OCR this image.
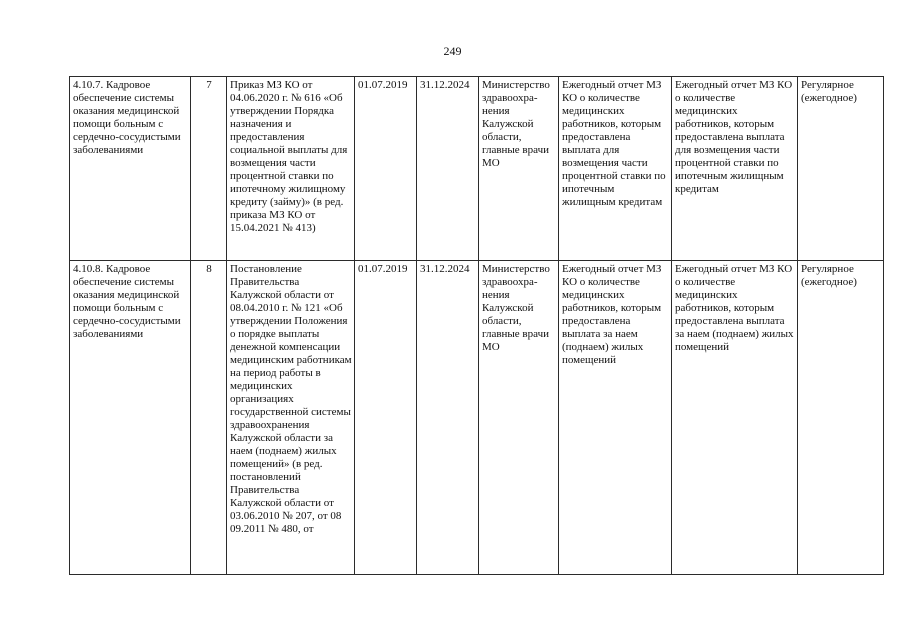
249
4.10.7. Кадровое обеспечение системы оказания медицинской помощи больным с сердечно-сосудистыми заболеваниями	7	Приказ МЗ КО от 04.06.2020 г. № 616 «Об утверждении Порядка назначения и предоставления социальной выплаты для возмещения части процентной ставки по ипотечному жилищному кредиту (займу)» (в ред. приказа МЗ КО от 15.04.2021 № 413)	01.07.2019	31.12.2024	Министерство здравоохра-нения Калужской области, главные врачи МО	Ежегодный отчет МЗ КО о количестве медицинских работников, которым предоставлена выплата для возмещения части процентной ставки по ипотечным жилищным кредитам	Ежегодный отчет МЗ КО о количестве медицинских работников, которым предоставлена выплата для возмещения части процентной ставки по ипотечным жилищным кредитам	Регулярное (ежегодное)

4.10.8. Кадровое обеспечение системы оказания медицинской помощи больным с сердечно-сосудистыми заболеваниями	8	Постановление Правительства Калужской области от 08.04.2010 г. № 121 «Об утверждении Положения о порядке выплаты денежной компенсации медицинским работникам на период работы в медицинских организациях государственной системы здравоохранения Калужской области за наем (поднаем) жилых помещений» (в ред. постановлений Правительства Калужской области от 03.06.2010 № 207, от 08 09.2011 № 480, от	01.07.2019	31.12.2024	Министерство здравоохра-нения Калужской области, главные врачи МО	Ежегодный отчет МЗ КО о количестве медицинских работников, которым предоставлена выплата за наем (поднаем) жилых помещений	Ежегодный отчет МЗ КО о количестве медицинских работников, которым предоставлена выплата за наем (поднаем) жилых помещений	Регулярное (ежегодное)
